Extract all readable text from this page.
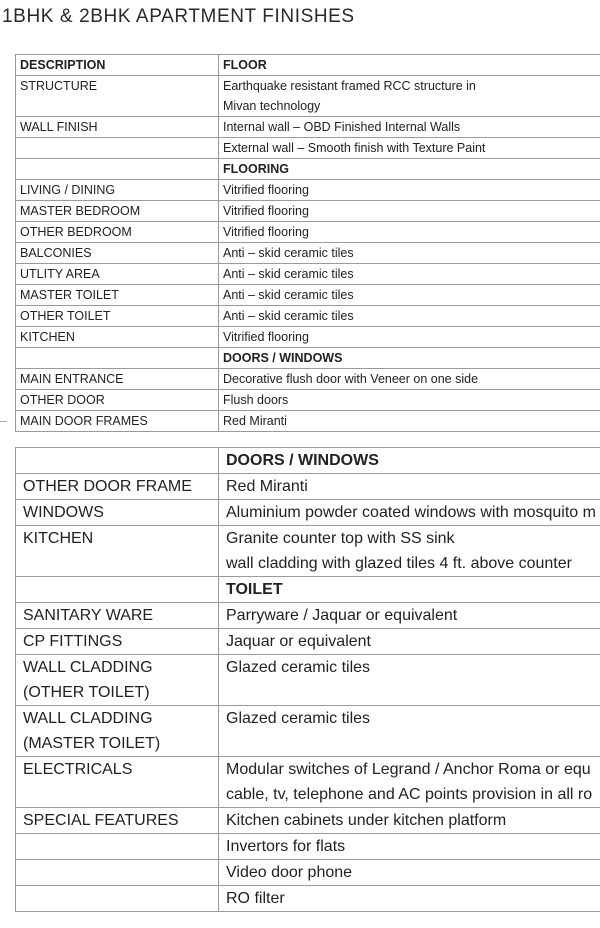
1BHK & 2BHK APARTMENT FINISHES
DESCRIPTION	FLOOR
STRUCTURE	Earthquake resistant framed RCC structure in
	Mivan technology
WALL FINISH	Internal wall – OBD Finished Internal Walls
	External wall – Smooth finish with Texture Paint
	FLOORING
LIVING / DINING	Vitrified flooring
MASTER BEDROOM	Vitrified flooring
OTHER BEDROOM	Vitrified flooring
BALCONIES	Anti – skid ceramic tiles
UTLITY AREA	Anti – skid ceramic tiles
MASTER TOILET	Anti – skid ceramic tiles
OTHER TOILET	Anti – skid ceramic tiles
KITCHEN	Vitrified flooring
	DOORS / WINDOWS
MAIN ENTRANCE	Decorative flush door with Veneer on one side
OTHER DOOR	Flush doors
MAIN DOOR FRAMES	Red Miranti
	DOORS / WINDOWS
OTHER DOOR FRAME	Red Miranti
WINDOWS	Aluminium powder coated windows with mosquito m
KITCHEN	Granite counter top with SS sink
	wall cladding with glazed tiles 4 ft. above counter
	TOILET
SANITARY WARE	Parryware / Jaquar or equivalent
CP FITTINGS	Jaquar or equivalent
WALL CLADDING	Glazed ceramic tiles
(OTHER TOILET)	
WALL CLADDING	Glazed ceramic tiles
(MASTER TOILET)	
ELECTRICALS	Modular switches of Legrand / Anchor Roma or equ
	cable, tv, telephone and AC points provision in all ro
SPECIAL FEATURES	Kitchen cabinets under kitchen platform
	Invertors for flats
	Video door phone
	RO filter
